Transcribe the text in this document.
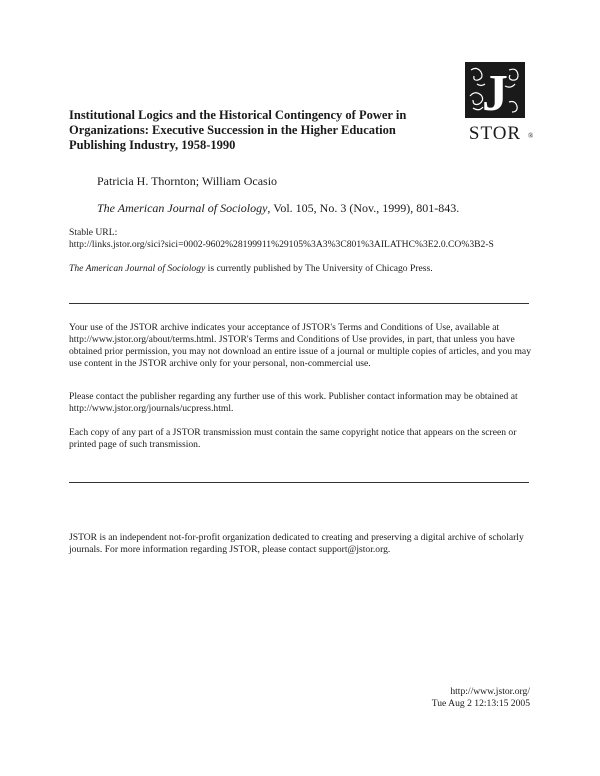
J
STOR ®
Institutional Logics and the Historical Contingency of Power in Organizations: Executive Succession in the Higher Education Publishing Industry, 1958-1990
Patricia H. Thornton; William Ocasio
The American Journal of Sociology, Vol. 105, No. 3 (Nov., 1999), 801-843.
Stable URL:
http://links.jstor.org/sici?sici=0002-9602%28199911%29105%3A3%3C801%3AILATHC%3E2.0.CO%3B2-S
The American Journal of Sociology is currently published by The University of Chicago Press.
Your use of the JSTOR archive indicates your acceptance of JSTOR's Terms and Conditions of Use, available at http://www.jstor.org/about/terms.html. JSTOR's Terms and Conditions of Use provides, in part, that unless you have obtained prior permission, you may not download an entire issue of a journal or multiple copies of articles, and you may use content in the JSTOR archive only for your personal, non-commercial use.
Please contact the publisher regarding any further use of this work. Publisher contact information may be obtained at http://www.jstor.org/journals/ucpress.html.
Each copy of any part of a JSTOR transmission must contain the same copyright notice that appears on the screen or printed page of such transmission.
JSTOR is an independent not-for-profit organization dedicated to creating and preserving a digital archive of scholarly journals. For more information regarding JSTOR, please contact support@jstor.org.
http://www.jstor.org/
Tue Aug 2 12:13:15 2005
